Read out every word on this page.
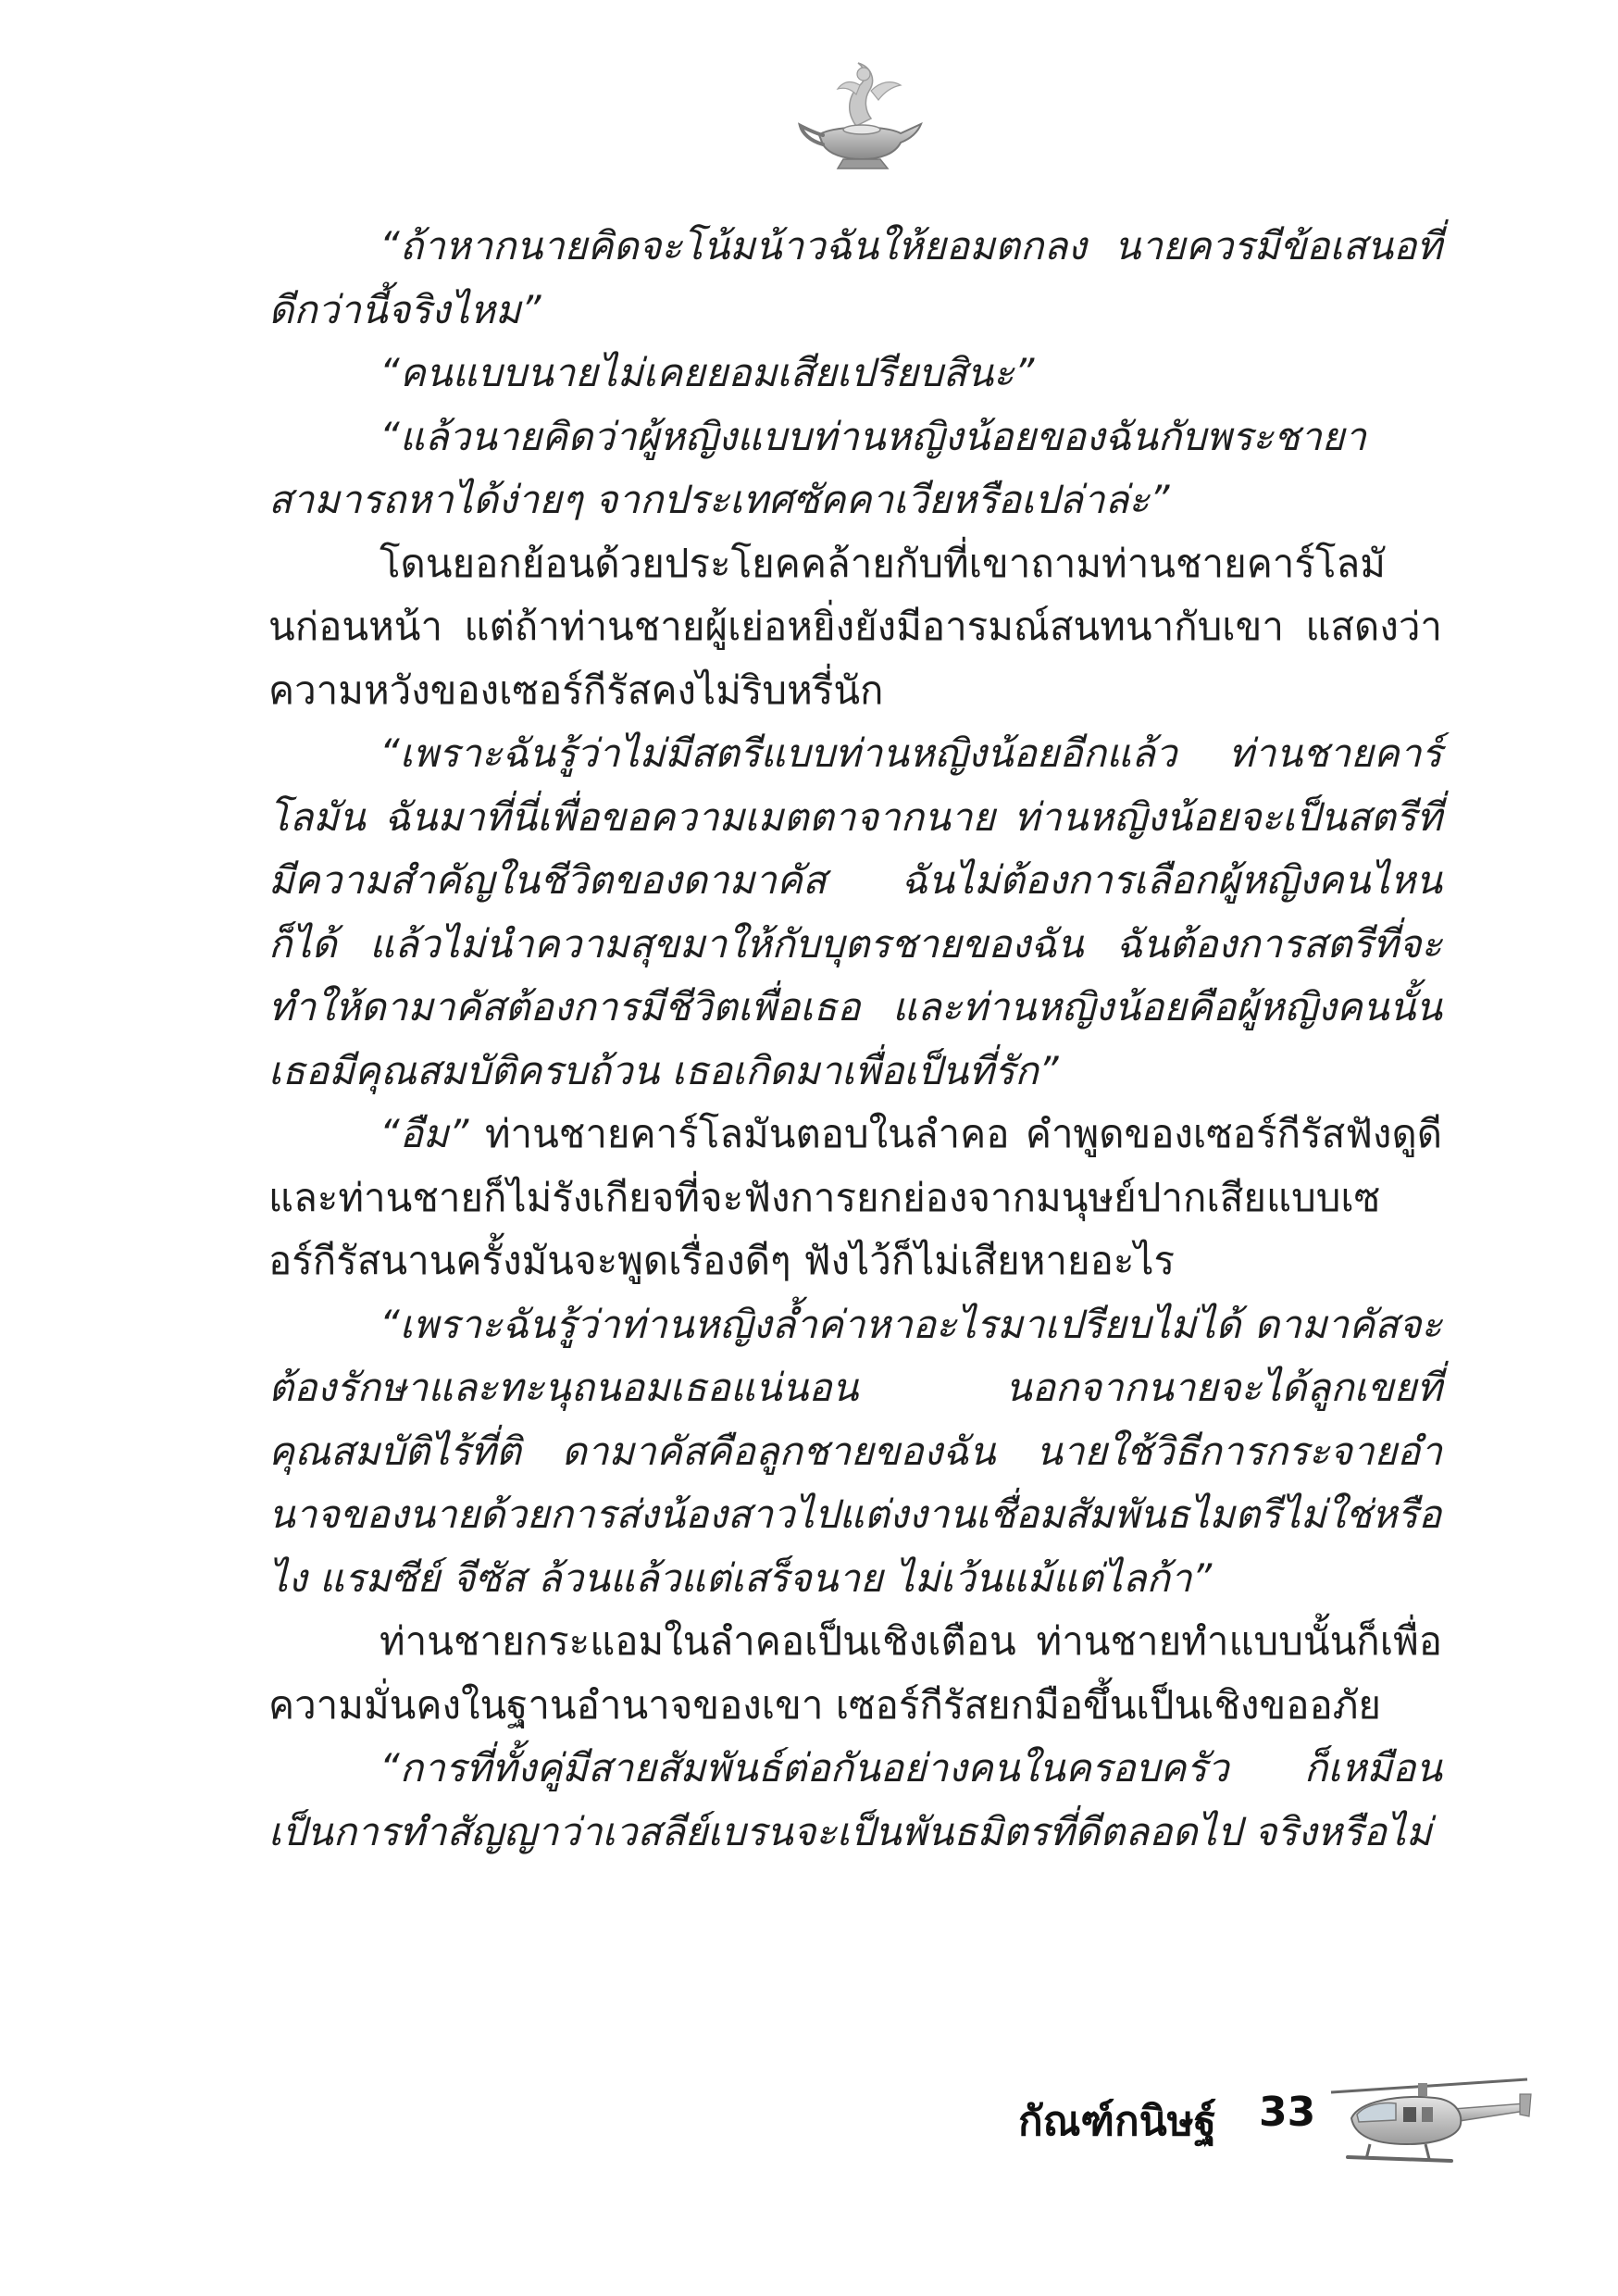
“ถ้าหากนายคิดจะโน้มน้าวฉันให้ยอมตกลง นายควรมีข้อเสนอที่ดีกว่านี้จริงไหม”

“คนแบบนายไม่เคยยอมเสียเปรียบสินะ”

“แล้วนายคิดว่าผู้หญิงแบบท่านหญิงน้อยของฉันกับพระชายาสามารถหาได้ง่ายๆ จากประเทศซัคคาเวียหรือเปล่าล่ะ”

โดนยอกย้อนด้วยประโยคคล้ายกับที่เขาถามท่านชายคาร์โลมันก่อนหน้า แต่ถ้าท่านชายผู้เย่อหยิ่งยังมีอารมณ์สนทนากับเขา แสดงว่าความหวังของเซอร์กีรัสคงไม่ริบหรี่นัก

“เพราะฉันรู้ว่าไม่มีสตรีแบบท่านหญิงน้อยอีกแล้ว ท่านชายคาร์โลมัน ฉันมาที่นี่เพื่อขอความเมตตาจากนาย ท่านหญิงน้อยจะเป็นสตรีที่มีความสำคัญในชีวิตของดามาคัส ฉันไม่ต้องการเลือกผู้หญิงคนไหนก็ได้ แล้วไม่นำความสุขมาให้กับบุตรชายของฉัน ฉันต้องการสตรีที่จะทำให้ดามาคัสต้องการมีชีวิตเพื่อเธอ และท่านหญิงน้อยคือผู้หญิงคนนั้น เธอมีคุณสมบัติครบถ้วน เธอเกิดมาเพื่อเป็นที่รัก”

“อืม” ท่านชายคาร์โลมันตอบในลำคอ คำพูดของเซอร์กีรัสฟังดูดีและท่านชายก็ไม่รังเกียจที่จะฟังการยกย่องจากมนุษย์ปากเสียแบบเซอร์กีรัสนานครั้งมันจะพูดเรื่องดีๆ ฟังไว้ก็ไม่เสียหายอะไร

“เพราะฉันรู้ว่าท่านหญิงล้ำค่าหาอะไรมาเปรียบไม่ได้ ดามาคัสจะต้องรักษาและทะนุถนอมเธอแน่นอน นอกจากนายจะได้ลูกเขยที่คุณสมบัติไร้ที่ติ ดามาคัสคือลูกชายของฉัน นายใช้วิธีการกระจายอำนาจของนายด้วยการส่งน้องสาวไปแต่งงานเชื่อมสัมพันธไมตรีไม่ใช่หรือไง แรมซีย์ จีซัส ล้วนแล้วแต่เสร็จนาย ไม่เว้นแม้แต่ไลก้า”

ท่านชายกระแอมในลำคอเป็นเชิงเตือน ท่านชายทำแบบนั้นก็เพื่อความมั่นคงในฐานอำนาจของเขา เซอร์กีรัสยกมือขึ้นเป็นเชิงขออภัย

“การที่ทั้งคู่มีสายสัมพันธ์ต่อกันอย่างคนในครอบครัว ก็เหมือนเป็นการทำสัญญาว่าเวสลีย์เบรนจะเป็นพันธมิตรที่ดีตลอดไป จริงหรือไม่

กัณฑ์กนิษฐ์ 33
